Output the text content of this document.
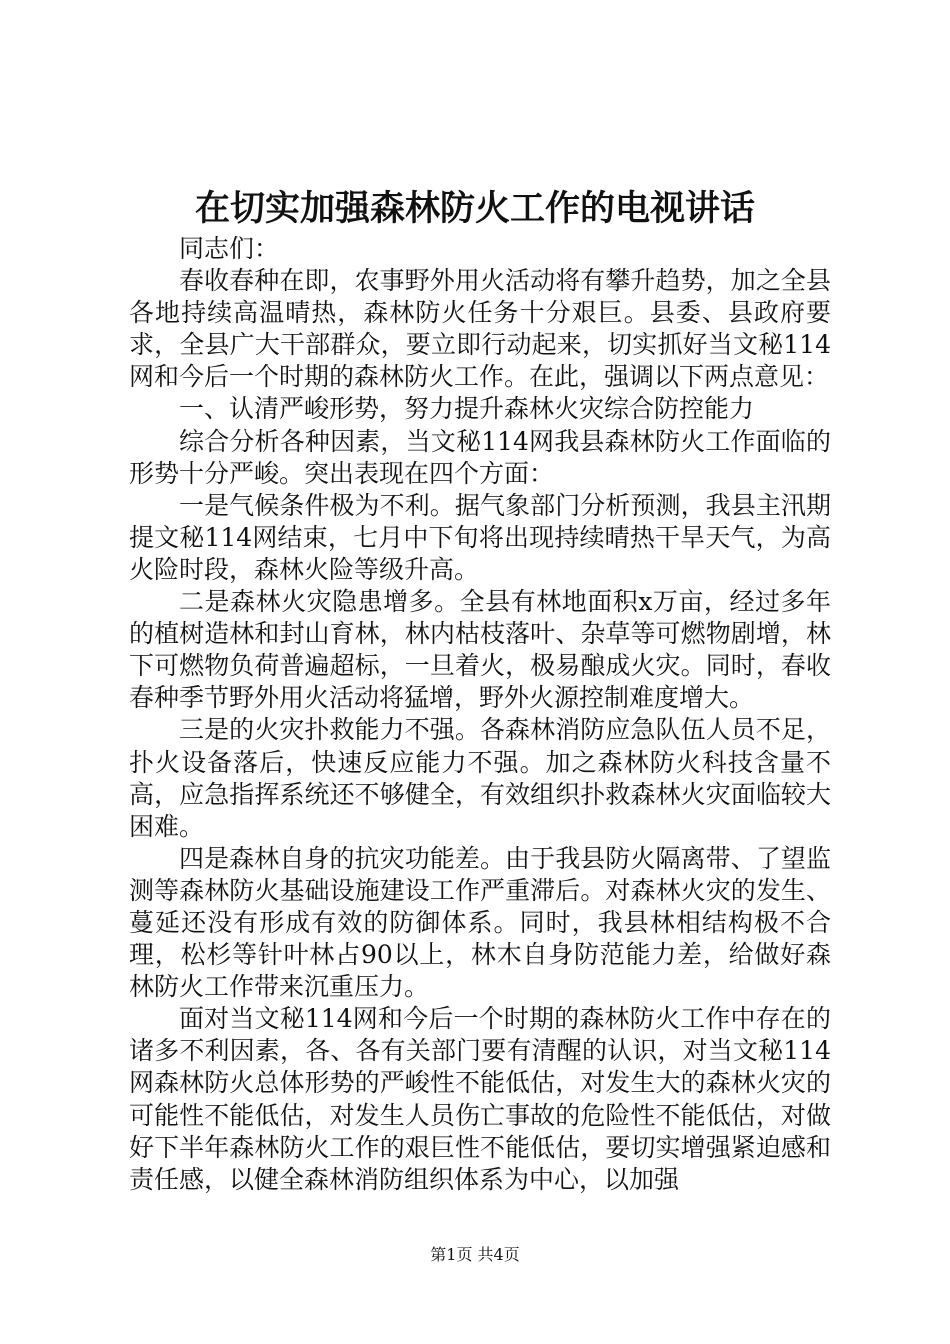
在切实加强森林防火工作的电视讲话

同志们：

春收春种在即，农事野外用火活动将有攀升趋势，加之全县各地持续高温晴热，森林防火任务十分艰巨。县委、县政府要求，全县广大干部群众，要立即行动起来，切实抓好当文秘114网和今后一个时期的森林防火工作。在此，强调以下两点意见：

一、认清严峻形势，努力提升森林火灾综合防控能力

综合分析各种因素，当文秘114网我县森林防火工作面临的形势十分严峻。突出表现在四个方面：

一是气候条件极为不利。据气象部门分析预测，我县主汛期提文秘114网结束，七月中下旬将出现持续晴热干旱天气，为高火险时段，森林火险等级升高。

二是森林火灾隐患增多。全县有林地面积x万亩，经过多年的植树造林和封山育林，林内枯枝落叶、杂草等可燃物剧增，林下可燃物负荷普遍超标，一旦着火，极易酿成火灾。同时，春收春种季节野外用火活动将猛增，野外火源控制难度增大。

三是的火灾扑救能力不强。各森林消防应急队伍人员不足，扑火设备落后，快速反应能力不强。加之森林防火科技含量不高，应急指挥系统还不够健全，有效组织扑救森林火灾面临较大困难。

四是森林自身的抗灾功能差。由于我县防火隔离带、了望监测等森林防火基础设施建设工作严重滞后。对森林火灾的发生、蔓延还没有形成有效的防御体系。同时，我县林相结构极不合理，松杉等针叶林占90以上，林木自身防范能力差，给做好森林防火工作带来沉重压力。

面对当文秘114网和今后一个时期的森林防火工作中存在的诸多不利因素，各、各有关部门要有清醒的认识，对当文秘114网森林防火总体形势的严峻性不能低估，对发生大的森林火灾的可能性不能低估，对发生人员伤亡事故的危险性不能低估，对做好下半年森林防火工作的艰巨性不能低估，要切实增强紧迫感和责任感，以健全森林消防组织体系为中心，以加强

第1页 共4页
